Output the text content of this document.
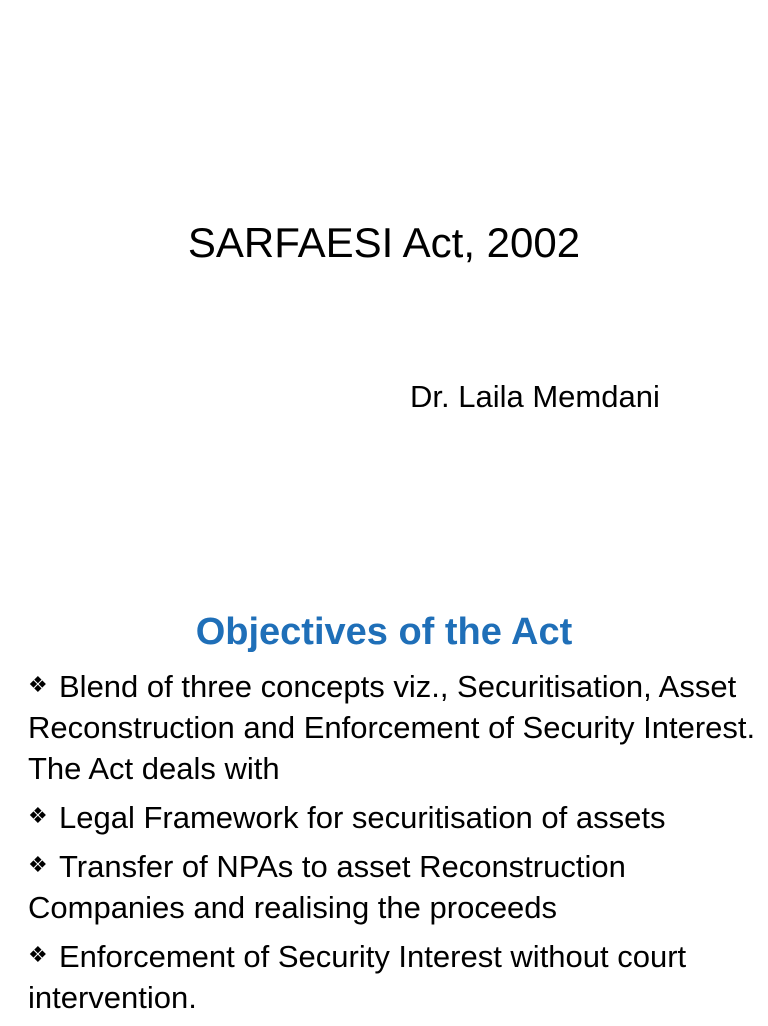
SARFAESI Act, 2002
Dr. Laila Memdani
Objectives of the Act
❖ Blend of three concepts viz., Securitisation, Asset Reconstruction and Enforcement of Security Interest. The Act deals with
❖ Legal Framework for securitisation of assets
❖ Transfer of NPAs to asset Reconstruction Companies and realising the proceeds
❖ Enforcement of Security Interest without court intervention.
